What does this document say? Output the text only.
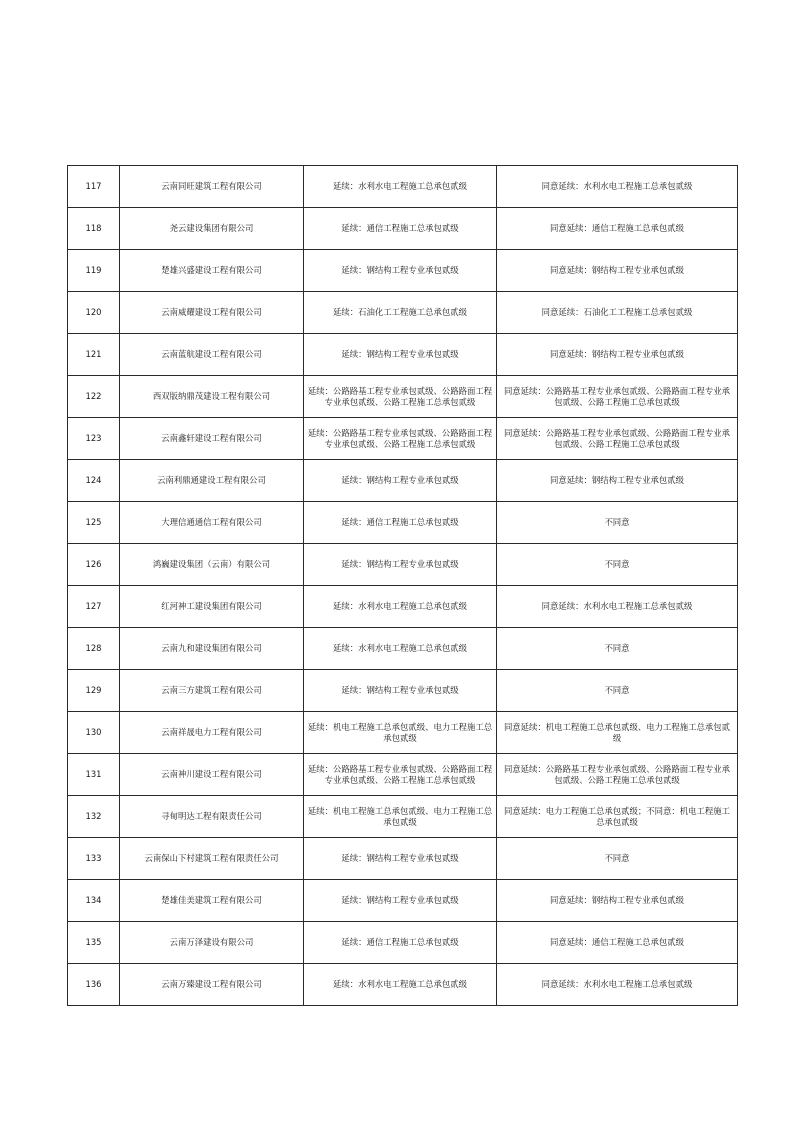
117	云南同旺建筑工程有限公司	延续：水利水电工程施工总承包贰级	同意延续：水利水电工程施工总承包贰级
118	尧云建设集团有限公司	延续：通信工程施工总承包贰级	同意延续：通信工程施工总承包贰级
119	楚雄兴盛建设工程有限公司	延续：钢结构工程专业承包贰级	同意延续：钢结构工程专业承包贰级
120	云南威耀建设工程有限公司	延续：石油化工工程施工总承包贰级	同意延续：石油化工工程施工总承包贰级
121	云南蓝航建设工程有限公司	延续：钢结构工程专业承包贰级	同意延续：钢结构工程专业承包贰级
122	西双版纳鼎茂建设工程有限公司	延续：公路路基工程专业承包贰级、公路路面工程专业承包贰级、公路工程施工总承包贰级	同意延续：公路路基工程专业承包贰级、公路路面工程专业承包贰级、公路工程施工总承包贰级
123	云南鑫轩建设工程有限公司	延续：公路路基工程专业承包贰级、公路路面工程专业承包贰级、公路工程施工总承包贰级	同意延续：公路路基工程专业承包贰级、公路路面工程专业承包贰级、公路工程施工总承包贰级
124	云南利鼎通建设工程有限公司	延续：钢结构工程专业承包贰级	同意延续：钢结构工程专业承包贰级
125	大理信通通信工程有限公司	延续：通信工程施工总承包贰级	不同意
126	鸿巍建设集团（云南）有限公司	延续：钢结构工程专业承包贰级	不同意
127	红河神工建设集团有限公司	延续：水利水电工程施工总承包贰级	同意延续：水利水电工程施工总承包贰级
128	云南九和建设集团有限公司	延续：水利水电工程施工总承包贰级	不同意
129	云南三方建筑工程有限公司	延续：钢结构工程专业承包贰级	不同意
130	云南祥晟电力工程有限公司	延续：机电工程施工总承包贰级、电力工程施工总承包贰级	同意延续：机电工程施工总承包贰级、电力工程施工总承包贰级
131	云南神川建设工程有限公司	延续：公路路基工程专业承包贰级、公路路面工程专业承包贰级、公路工程施工总承包贰级	同意延续：公路路基工程专业承包贰级、公路路面工程专业承包贰级、公路工程施工总承包贰级
132	寻甸明达工程有限责任公司	延续：机电工程施工总承包贰级、电力工程施工总承包贰级	同意延续：电力工程施工总承包贰级；不同意：机电工程施工总承包贰级
133	云南保山下村建筑工程有限责任公司	延续：钢结构工程专业承包贰级	不同意
134	楚雄佳美建筑工程有限公司	延续：钢结构工程专业承包贰级	同意延续：钢结构工程专业承包贰级
135	云南万泽建设有限公司	延续：通信工程施工总承包贰级	同意延续：通信工程施工总承包贰级
136	云南万臻建设工程有限公司	延续：水利水电工程施工总承包贰级	同意延续：水利水电工程施工总承包贰级
